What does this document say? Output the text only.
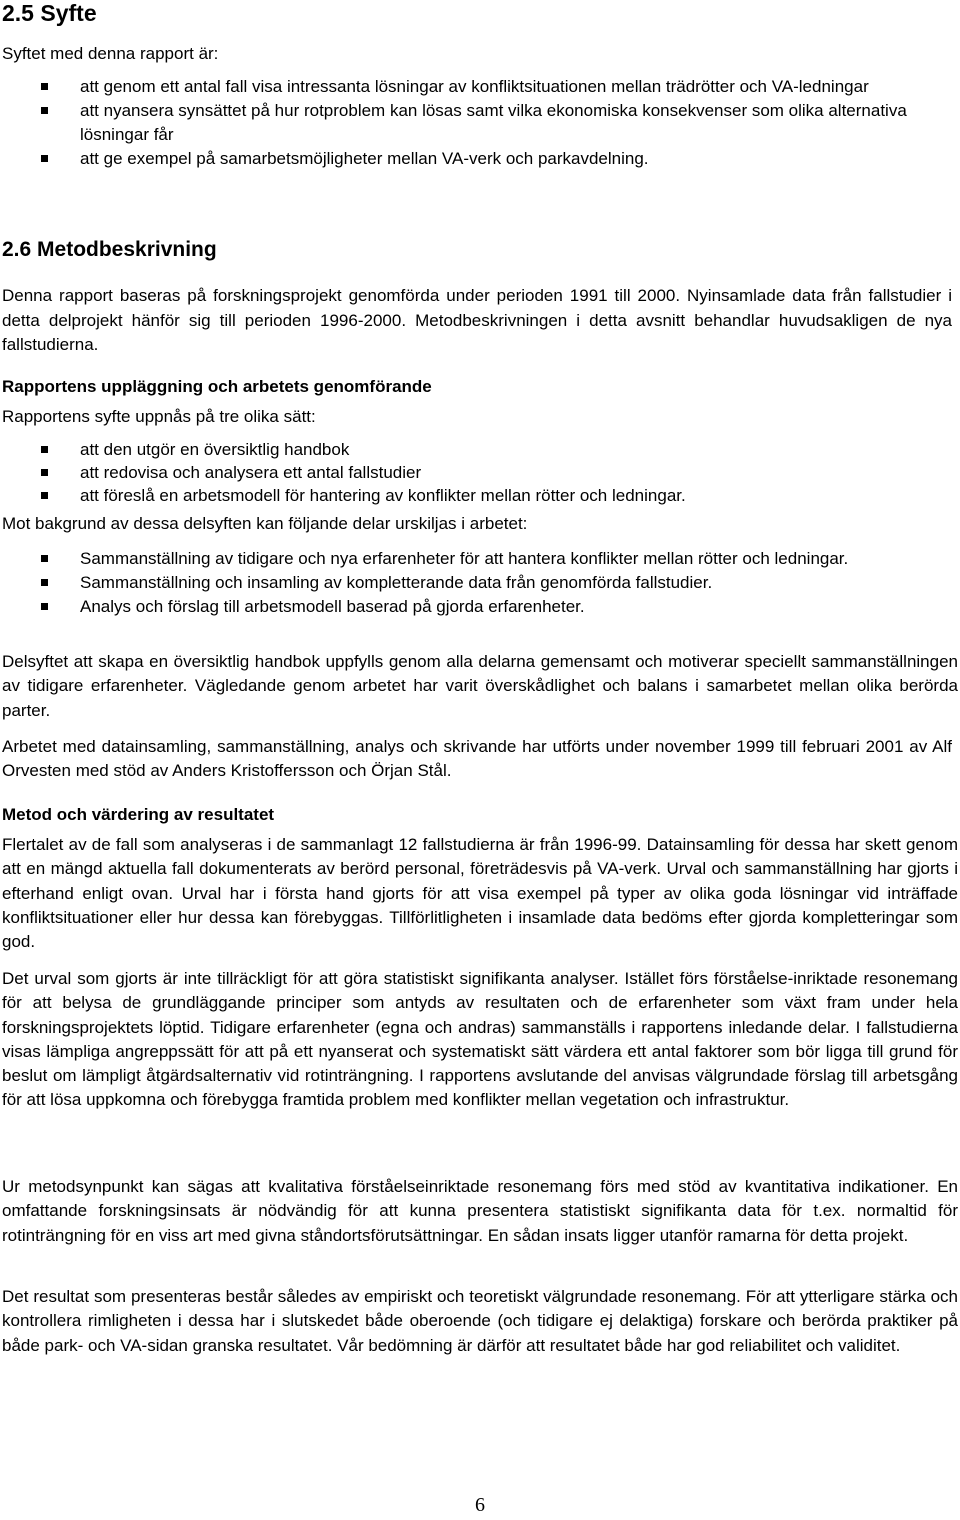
2.5 Syfte

Syftet med denna rapport är:

att genom ett antal fall visa intressanta lösningar av konfliktsituationen mellan trädrötter och VA-ledningar
att nyansera synsättet på hur rotproblem kan lösas samt vilka ekonomiska konsekvenser som olika alternativa lösningar får
att ge exempel på samarbetsmöjligheter mellan VA-verk och parkavdelning.
2.6 Metodbeskrivning

Denna rapport baseras på forskningsprojekt genomförda under perioden 1991 till 2000. Nyinsamlade data från fallstudier i detta delprojekt hänför sig till perioden 1996-2000. Metodbeskrivningen i detta avsnitt behandlar huvudsakligen de nya fallstudierna.

Rapportens uppläggning och arbetets genomförande

Rapportens syfte uppnås på tre olika sätt:

att den utgör en översiktlig handbok
att redovisa och analysera ett antal fallstudier
att föreslå en arbetsmodell för hantering av konflikter mellan rötter och ledningar.

Mot bakgrund av dessa delsyften kan följande delar urskiljas i arbetet:

Sammanställning av tidigare och nya erfarenheter för att hantera konflikter mellan rötter och ledningar.
Sammanställning och insamling av kompletterande data från genomförda fallstudier.
Analys och förslag till arbetsmodell baserad på gjorda erfarenheter.

Delsyftet att skapa en översiktlig handbok uppfylls genom alla delarna gemensamt och motiverar speciellt sammanställningen av tidigare erfarenheter. Vägledande genom arbetet har varit överskådlighet och balans i samarbetet mellan olika berörda parter.

Arbetet med datainsamling, sammanställning, analys och skrivande har utförts under november 1999 till februari 2001 av Alf Orvesten med stöd av Anders Kristoffersson och Örjan Stål.

Metod och värdering av resultatet

Flertalet av de fall som analyseras i de sammanlagt 12 fallstudierna är från 1996-99. Datainsamling för dessa har skett genom att en mängd aktuella fall dokumenterats av berörd personal, företrädesvis på VA-verk. Urval och sammanställning har gjorts i efterhand enligt ovan. Urval har i första hand gjorts för att visa exempel på typer av olika goda lösningar vid inträffade konfliktsituationer eller hur dessa kan förebyggas. Tillförlitligheten i insamlade data bedöms efter gjorda kompletteringar som god.

Det urval som gjorts är inte tillräckligt för att göra statistiskt signifikanta analyser. Istället förs förståelse-inriktade resonemang för att belysa de grundläggande principer som antyds av resultaten och de erfarenheter som växt fram under hela forskningsprojektets löptid. Tidigare erfarenheter (egna och andras) sammanställs i rapportens inledande delar. I fallstudierna visas lämpliga angreppssätt för att på ett nyanserat och systematiskt sätt värdera ett antal faktorer som bör ligga till grund för beslut om lämpligt åtgärdsalternativ vid rotinträngning. I rapportens avslutande del anvisas välgrundade förslag till arbetsgång för att lösa uppkomna och förebygga framtida problem med konflikter mellan vegetation och infrastruktur.

Ur metodsynpunkt kan sägas att kvalitativa förståelseinriktade resonemang förs med stöd av kvantitativa indikationer. En omfattande forskningsinsats är nödvändig för att kunna presentera statistiskt signifikanta data för t.ex. normaltid för rotinträngning för en viss art med givna ståndortsförutsättningar. En sådan insats ligger utanför ramarna för detta projekt.

Det resultat som presenteras består således av empiriskt och teoretiskt välgrundade resonemang. För att ytterligare stärka och kontrollera rimligheten i dessa har i slutskedet både oberoende (och tidigare ej delaktiga) forskare och berörda praktiker på både park- och VA-sidan granska resultatet. Vår bedömning är därför att resultatet både har god reliabilitet och validitet.

6
